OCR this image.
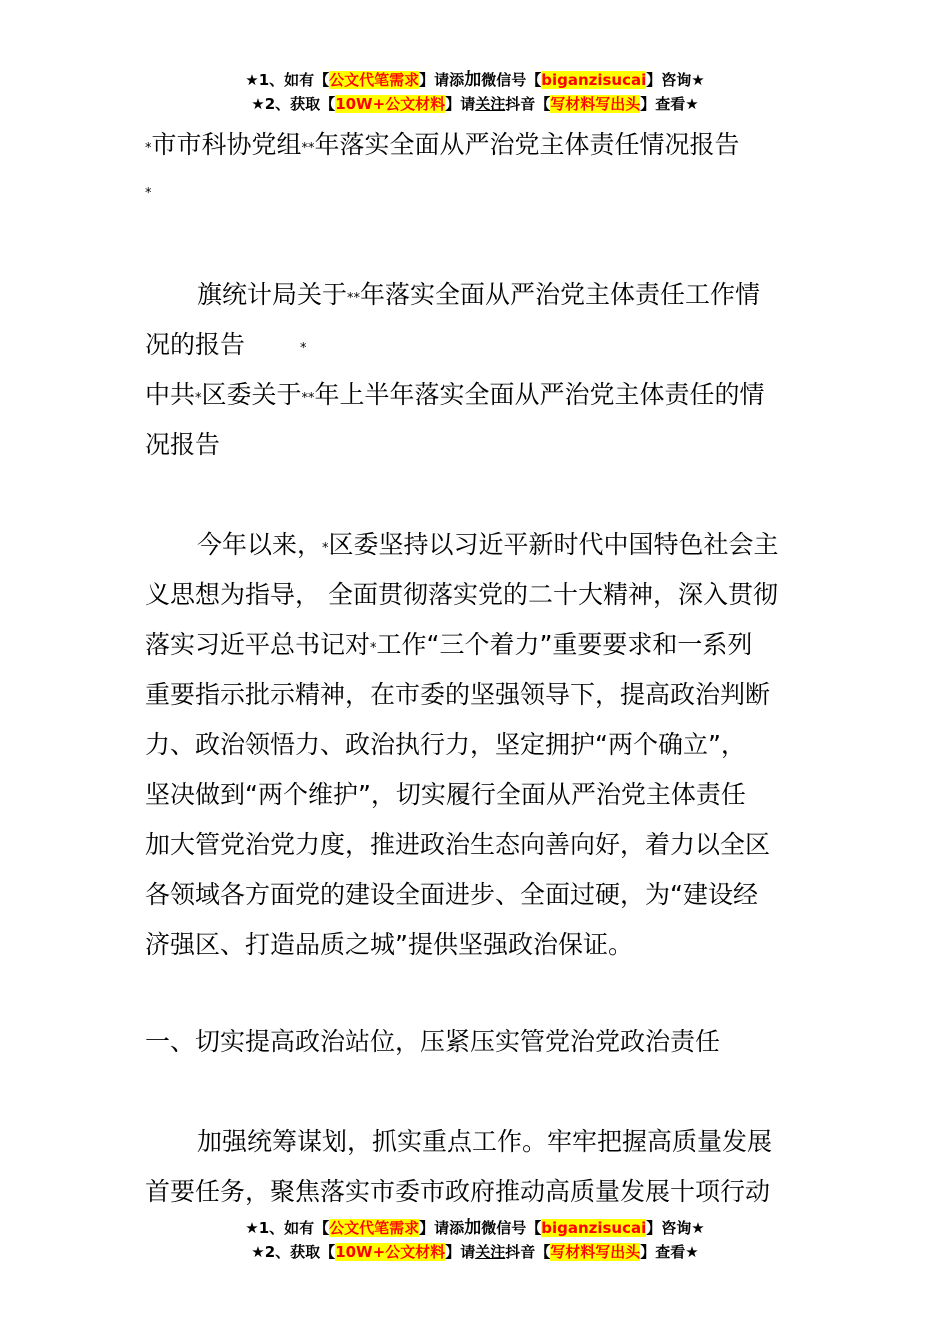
★1、如有【公文代笔需求】请添加微信号【biganzisucai】咨询★
★2、获取【10W+公文材料】请关注抖音【写材料写出头】查看★
*市市科协党组**年落实全面从严治党主体责任情况报告
*
旗统计局关于**年落实全面从严治党主体责任工作情
况的报告	*
中共*区委关于**年上半年落实全面从严治党主体责任的情
况报告
今年以来，*区委坚持以习近平新时代中国特色社会主
义思想为指导， 全面贯彻落实党的二十大精神，深入贯彻
落实习近平总书记对*工作“三个着力”重要要求和一系列
重要指示批示精神，在市委的坚强领导下，提高政治判断
力、政治领悟力、政治执行力，坚定拥护“两个确立”，
坚决做到“两个维护”，切实履行全面从严治党主体责任
加大管党治党力度，推进政治生态向善向好，着力以全区
各领域各方面党的建设全面进步、全面过硬，为“建设经
济强区、打造品质之城”提供坚强政治保证。
一、切实提高政治站位，压紧压实管党治党政治责任
加强统筹谋划，抓实重点工作。牢牢把握高质量发展
首要任务，聚焦落实市委市政府推动高质量发展十项行动
★1、如有【公文代笔需求】请添加微信号【biganzisucai】咨询★
★2、获取【10W+公文材料】请关注抖音【写材料写出头】查看★
